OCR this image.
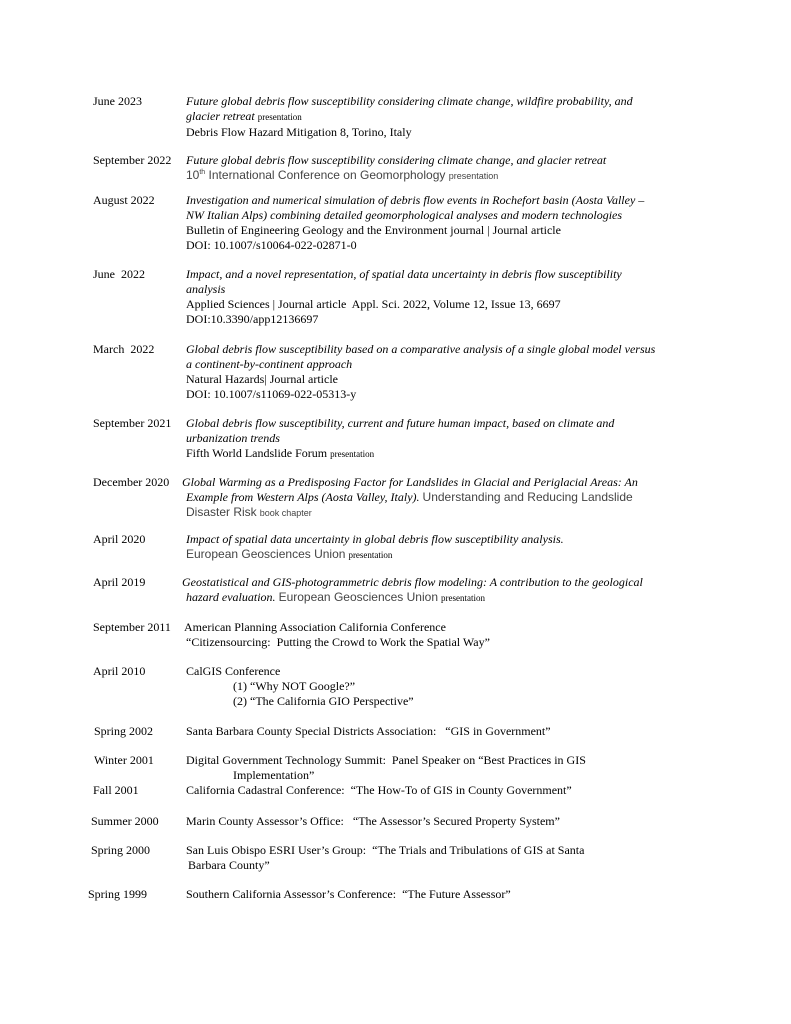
June 2023	Future global debris flow susceptibility considering climate change, wildfire probability, and
glacier retreat presentation
Debris Flow Hazard Mitigation 8, Torino, Italy
September 2022 Future global debris flow susceptibility considering climate change, and glacier retreat
10th International Conference on Geomorphology presentation
August 2022	Investigation and numerical simulation of debris flow events in Rochefort basin (Aosta Valley –
NW Italian Alps) combining detailed geomorphological analyses and modern technologies
Bulletin of Engineering Geology and the Environment journal | Journal article
DOI: 10.1007/s10064-022-02871-0
June  2022	Impact, and a novel representation, of spatial data uncertainty in debris flow susceptibility
analysis
Applied Sciences | Journal article  Appl. Sci. 2022, Volume 12, Issue 13, 6697
DOI:10.3390/app12136697
March  2022	Global debris flow susceptibility based on a comparative analysis of a single global model versus
a continent-by-continent approach
Natural Hazards| Journal article
DOI: 10.1007/s11069-022-05313-y
September 2021 Global debris flow susceptibility, current and future human impact, based on climate and
urbanization trends
Fifth World Landslide Forum presentation
December 2020 Global Warming as a Predisposing Factor for Landslides in Glacial and Periglacial Areas: An
Example from Western Alps (Aosta Valley, Italy). Understanding and Reducing Landslide
Disaster Risk book chapter
April 2020	Impact of spatial data uncertainty in global debris flow susceptibility analysis.
European Geosciences Union presentation
April 2019	Geostatistical and GIS-photogrammetric debris flow modeling: A contribution to the geological
hazard evaluation. European Geosciences Union presentation
September 2011 American Planning Association California Conference
“Citizensourcing:  Putting the Crowd to Work the Spatial Way”
April 2010	CalGIS Conference
(1) “Why NOT Google?”
(2) “The California GIO Perspective”
Spring 2002	Santa Barbara County Special Districts Association:   “GIS in Government”
Winter 2001	Digital Government Technology Summit:  Panel Speaker on “Best Practices in GIS
Implementation”
Fall 2001	California Cadastral Conference:  “The How-To of GIS in County Government”
Summer 2000 Marin County Assessor’s Office:   “The Assessor’s Secured Property System”
Spring 2000	San Luis Obispo ESRI User’s Group:  “The Trials and Tribulations of GIS at Santa
Barbara County”
Spring 1999	Southern California Assessor’s Conference:  “The Future Assessor”
